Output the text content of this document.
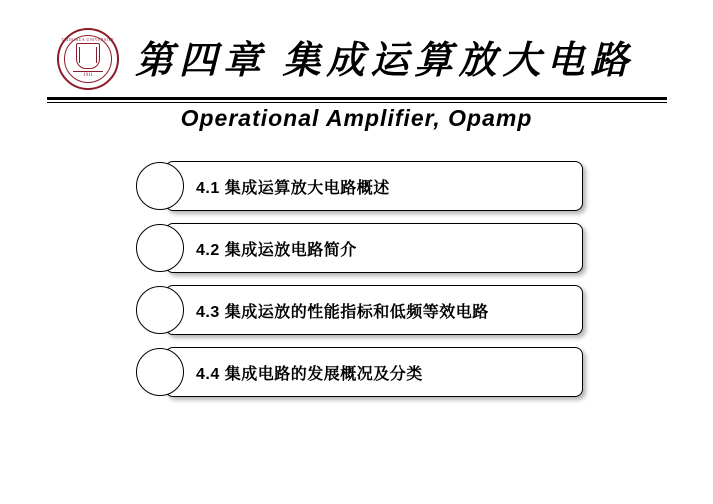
TSINGHUA UNIVERSITY
1911	第四章 集成运算放大电路
Operational Amplifier, Opamp
4.1 集成运算放大电路概述
4.2 集成运放电路简介
4.3 集成运放的性能指标和低频等效电路
4.4 集成电路的发展概况及分类
